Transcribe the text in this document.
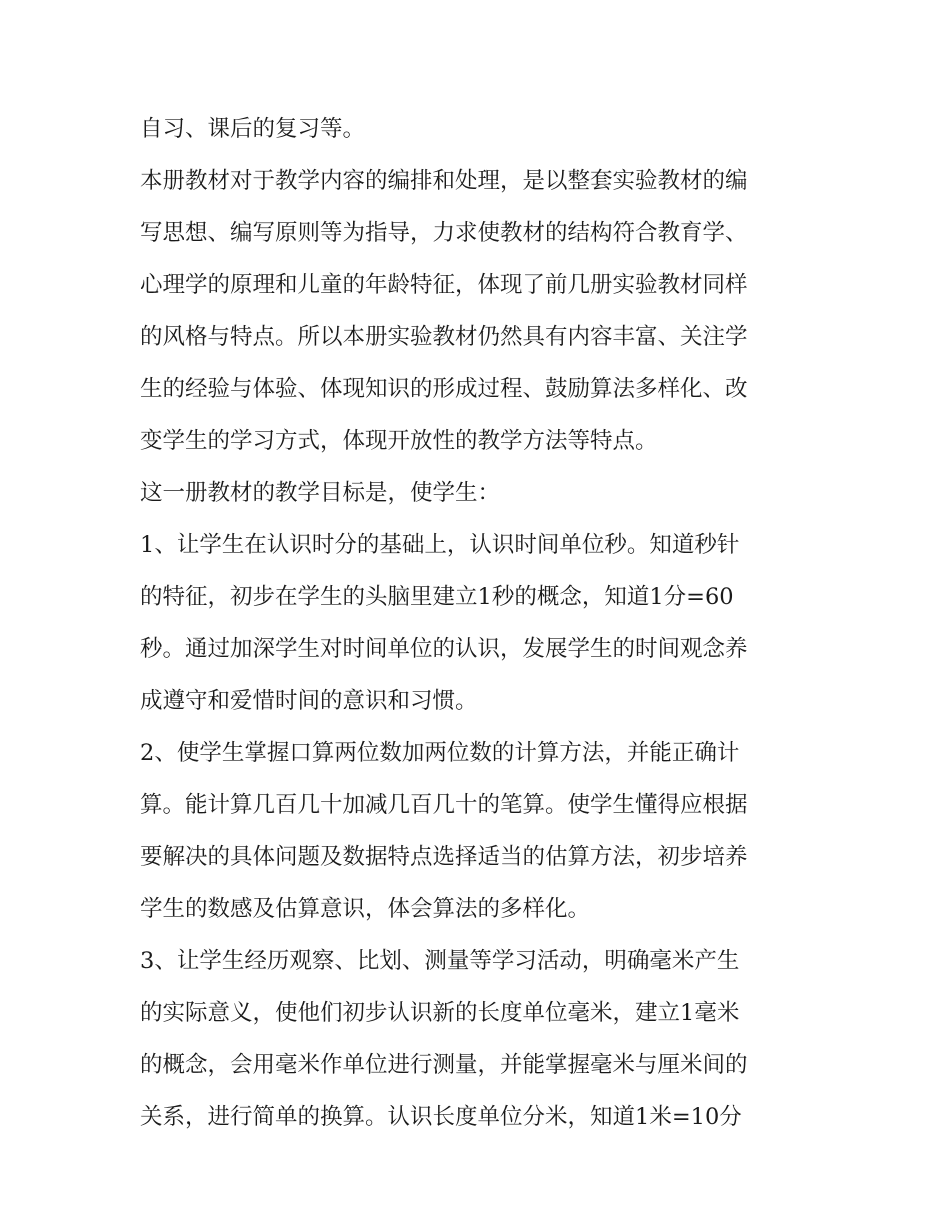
自习、课后的复习等。
本册教材对于教学内容的编排和处理，是以整套实验教材的编
写思想、编写原则等为指导，力求使教材的结构符合教育学、
心理学的原理和儿童的年龄特征，体现了前几册实验教材同样
的风格与特点。所以本册实验教材仍然具有内容丰富、关注学
生的经验与体验、体现知识的形成过程、鼓励算法多样化、改
变学生的学习方式，体现开放性的教学方法等特点。
这一册教材的教学目标是，使学生：
1、让学生在认识时分的基础上，认识时间单位秒。知道秒针
的特征，初步在学生的头脑里建立1秒的概念，知道1分=60
秒。通过加深学生对时间单位的认识，发展学生的时间观念养
成遵守和爱惜时间的意识和习惯。
2、使学生掌握口算两位数加两位数的计算方法，并能正确计
算。能计算几百几十加减几百几十的笔算。使学生懂得应根据
要解决的具体问题及数据特点选择适当的估算方法，初步培养
学生的数感及估算意识，体会算法的多样化。
3、让学生经历观察、比划、测量等学习活动，明确毫米产生
的实际意义，使他们初步认识新的长度单位毫米，建立1毫米
的概念，会用毫米作单位进行测量，并能掌握毫米与厘米间的
关系，进行简单的换算。认识长度单位分米，知道1米=10分
